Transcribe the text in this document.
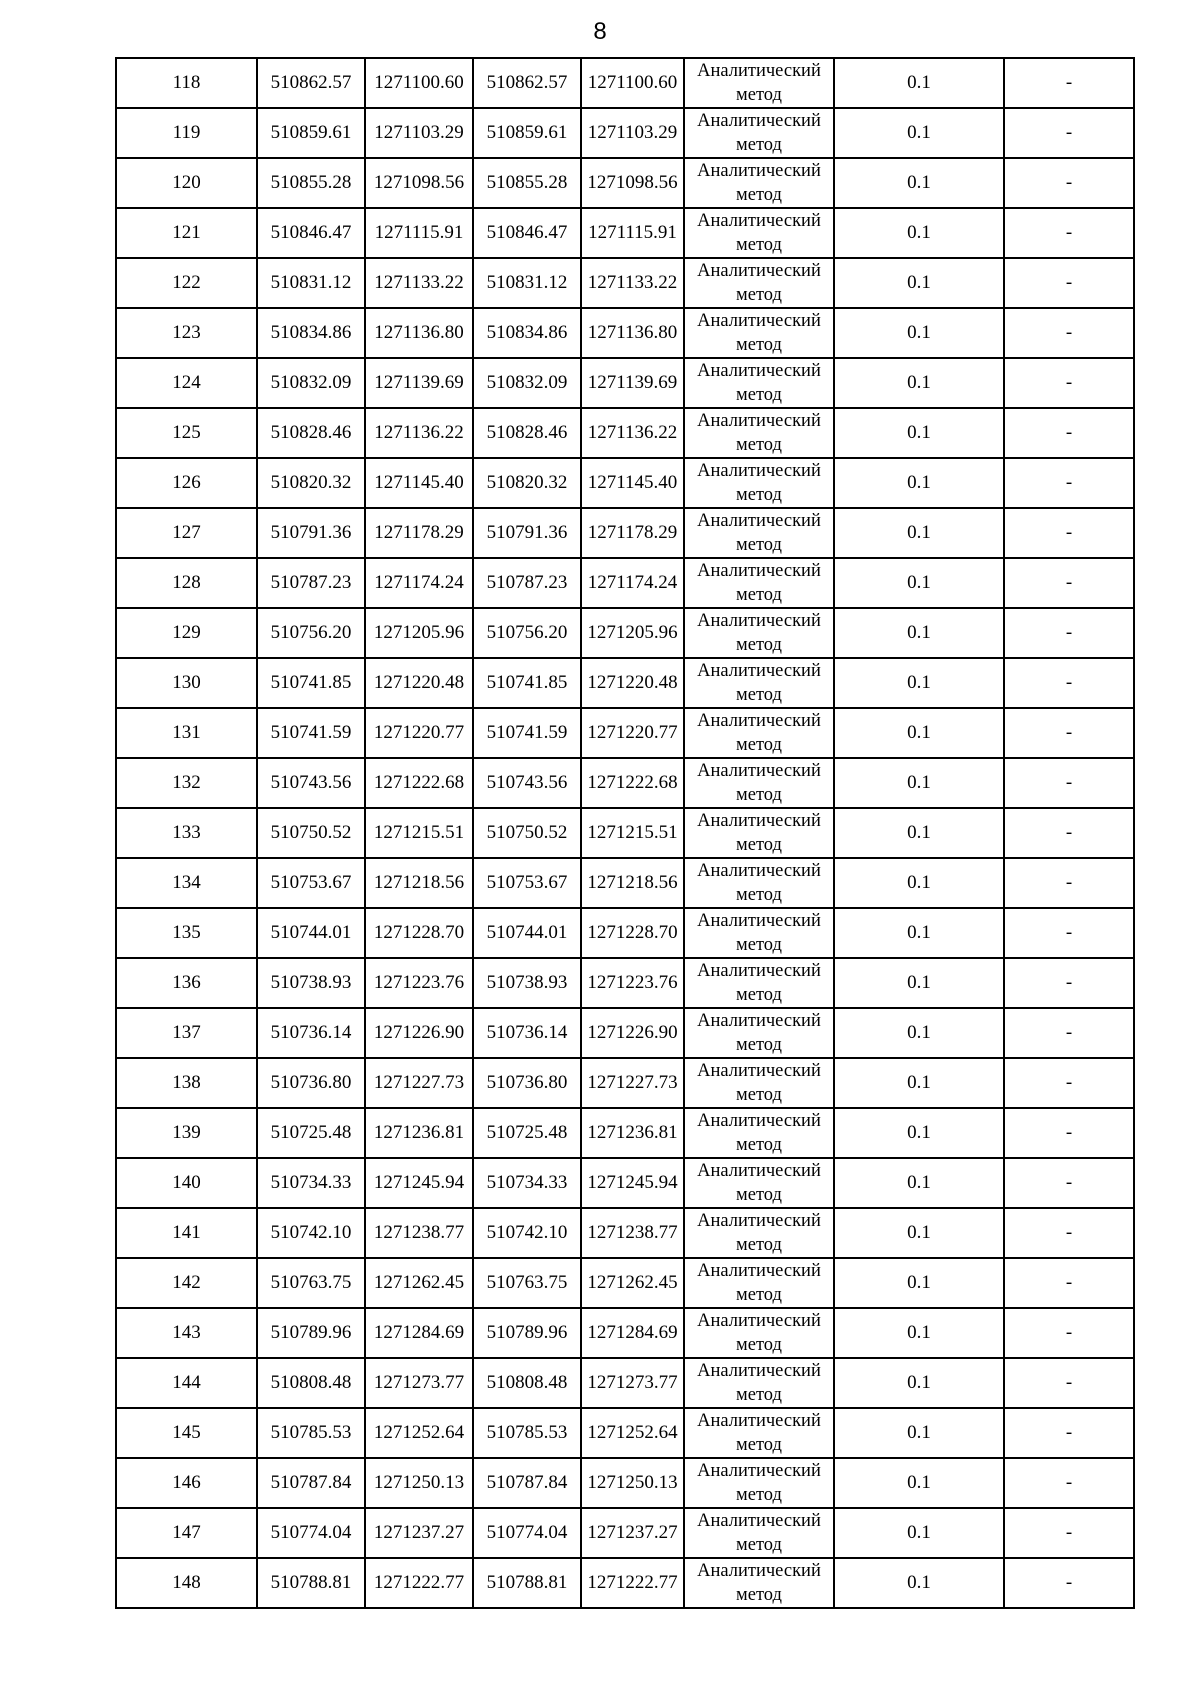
8
118	510862.57	1271100.60	510862.57	1271100.60	Аналитический
метод	0.1	-
119	510859.61	1271103.29	510859.61	1271103.29	Аналитический
метод	0.1	-
120	510855.28	1271098.56	510855.28	1271098.56	Аналитический
метод	0.1	-
121	510846.47	1271115.91	510846.47	1271115.91	Аналитический
метод	0.1	-
122	510831.12	1271133.22	510831.12	1271133.22	Аналитический
метод	0.1	-
123	510834.86	1271136.80	510834.86	1271136.80	Аналитический
метод	0.1	-
124	510832.09	1271139.69	510832.09	1271139.69	Аналитический
метод	0.1	-
125	510828.46	1271136.22	510828.46	1271136.22	Аналитический
метод	0.1	-
126	510820.32	1271145.40	510820.32	1271145.40	Аналитический
метод	0.1	-
127	510791.36	1271178.29	510791.36	1271178.29	Аналитический
метод	0.1	-
128	510787.23	1271174.24	510787.23	1271174.24	Аналитический
метод	0.1	-
129	510756.20	1271205.96	510756.20	1271205.96	Аналитический
метод	0.1	-
130	510741.85	1271220.48	510741.85	1271220.48	Аналитический
метод	0.1	-
131	510741.59	1271220.77	510741.59	1271220.77	Аналитический
метод	0.1	-
132	510743.56	1271222.68	510743.56	1271222.68	Аналитический
метод	0.1	-
133	510750.52	1271215.51	510750.52	1271215.51	Аналитический
метод	0.1	-
134	510753.67	1271218.56	510753.67	1271218.56	Аналитический
метод	0.1	-
135	510744.01	1271228.70	510744.01	1271228.70	Аналитический
метод	0.1	-
136	510738.93	1271223.76	510738.93	1271223.76	Аналитический
метод	0.1	-
137	510736.14	1271226.90	510736.14	1271226.90	Аналитический
метод	0.1	-
138	510736.80	1271227.73	510736.80	1271227.73	Аналитический
метод	0.1	-
139	510725.48	1271236.81	510725.48	1271236.81	Аналитический
метод	0.1	-
140	510734.33	1271245.94	510734.33	1271245.94	Аналитический
метод	0.1	-
141	510742.10	1271238.77	510742.10	1271238.77	Аналитический
метод	0.1	-
142	510763.75	1271262.45	510763.75	1271262.45	Аналитический
метод	0.1	-
143	510789.96	1271284.69	510789.96	1271284.69	Аналитический
метод	0.1	-
144	510808.48	1271273.77	510808.48	1271273.77	Аналитический
метод	0.1	-
145	510785.53	1271252.64	510785.53	1271252.64	Аналитический
метод	0.1	-
146	510787.84	1271250.13	510787.84	1271250.13	Аналитический
метод	0.1	-
147	510774.04	1271237.27	510774.04	1271237.27	Аналитический
метод	0.1	-
148	510788.81	1271222.77	510788.81	1271222.77	Аналитический
метод	0.1	-
